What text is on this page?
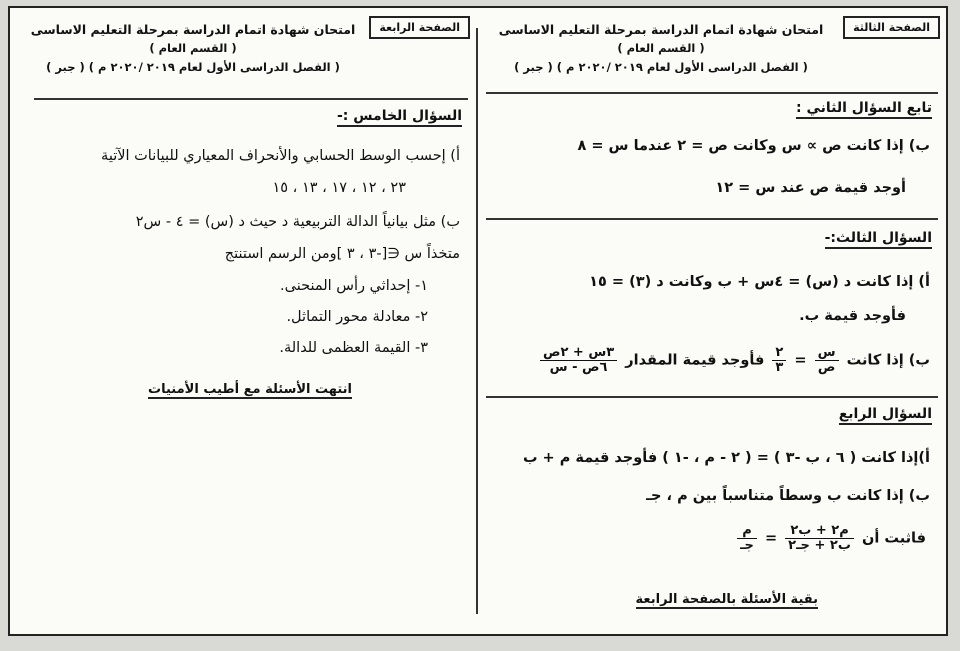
الصفحة الرابعة
امتحان شهادة اتمام الدراسة بمرحلة التعليم الاساسى
( القسم العام )
( الفصل الدراسى الأول لعام ٢٠١٩ /٢٠٢٠ م ) ( جبر )
السؤال الخامس :-
أ) إحسب الوسط الحسابي والأنحراف المعياري للبيانات الآتية
٢٣ ، ١٢ ، ١٧ ، ١٣ ، ١٥
ب) مثل بيانياً الدالة التربيعية د حيث د (س) = ٤ - س٢
متخذاً س ∈[-٣ ، ٣ ]ومن الرسم استنتج
١- إحداثي رأس المنحنى.
٢- معادلة محور التماثل.
٣- القيمة العظمى للدالة.
انتهت الأسئلة مع أطيب الأمنيات
الصفحة الثالثة
امتحان شهادة اتمام الدراسة بمرحلة التعليم الاساسى
( القسم العام )
( الفصل الدراسى الأول لعام ٢٠١٩ /٢٠٢٠ م ) ( جبر )
تابع السؤال الثاني :
ب) إذا كانت ص ∝ س وكانت ص = ٢ عندما س = ٨
أوجد قيمة ص عند س = ١٢
السؤال الثالث:-
أ) إذا كانت د (س) = ٤س + ب وكانت د (٣) = ١٥
فأوجد قيمة ب.
ب) إذا كانت
$\frac{\text{س}}{\text{ص}}$
=
$\frac{٢}{٣}$
فأوجد قيمة المقدار
$\frac{\text{٣س + ٢ص}}{\text{٦ص - س}}$
السؤال الرابع
أ)إذا كانت ( ٦ ، ب -٣ ) = ( ٢ - م ، -١ ) فأوجد قيمة م + ب
ب) إذا كانت ب وسطاً متناسباً بين م ، جـ
فاثبت أن
$\frac{\text{م٢ + ب٢}}{\text{ب٢ + جـ٢}}$
=
$\frac{\text{م}}{\text{جـ}}$
بقية الأسئلة بالصفحة الرابعة
